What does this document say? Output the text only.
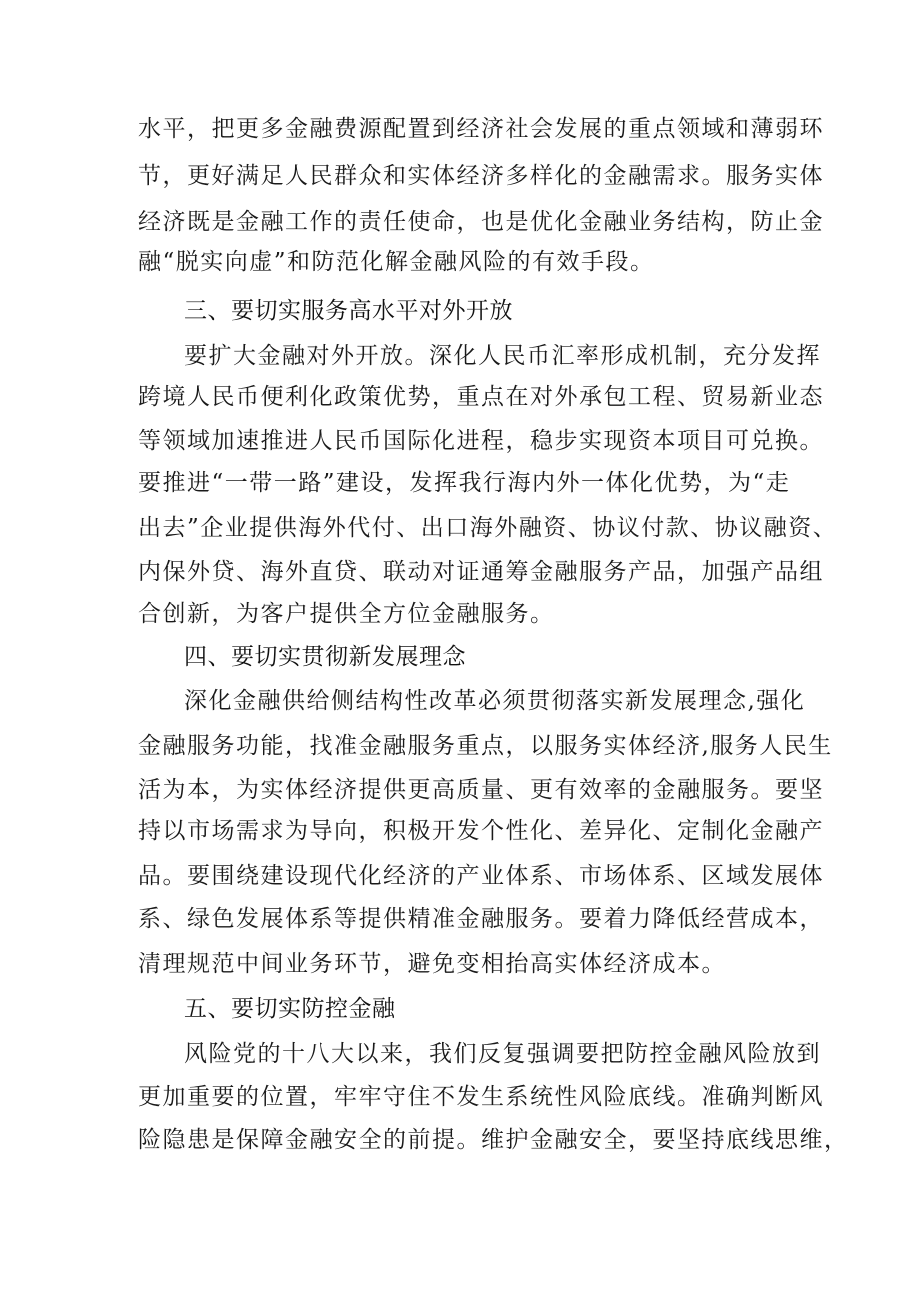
水平，把更多金融费源配置到经济社会发展的重点领域和薄弱环

节，更好满足人民群众和实体经济多样化的金融需求。服务实体

经济既是金融工作的责任使命，也是优化金融业务结构，防止金

融“脱实向虚”和防范化解金融风险的有效手段。

三、要切实服务高水平对外开放

要扩大金融对外开放。深化人民币汇率形成机制，充分发挥

跨境人民币便利化政策优势，重点在对外承包工程、贸易新业态

等领域加速推进人民币国际化进程，稳步实现资本项目可兑换。

要推进“一带一路”建设，发挥我行海内外一体化优势，为“走

出去”企业提供海外代付、出口海外融资、协议付款、协议融资、

内保外贷、海外直贷、联动对证通筹金融服务产品，加强产品组

合创新，为客户提供全方位金融服务。

四、要切实贯彻新发展理念

深化金融供给侧结构性改革必须贯彻落实新发展理念,强化

金融服务功能，找准金融服务重点，以服务实体经济,服务人民生

活为本，为实体经济提供更高质量、更有效率的金融服务。要坚

持以市场需求为导向，积极开发个性化、差异化、定制化金融产

品。要围绕建设现代化经济的产业体系、市场体系、区域发展体

系、绿色发展体系等提供精准金融服务。要着力降低经营成本，

清理规范中间业务环节，避免变相抬高实体经济成本。

五、要切实防控金融

风险党的十八大以来，我们反复强调要把防控金融风险放到

更加重要的位置，牢牢守住不发生系统性风险底线。准确判断风

险隐患是保障金融安全的前提。维护金融安全，要坚持底线思维，
